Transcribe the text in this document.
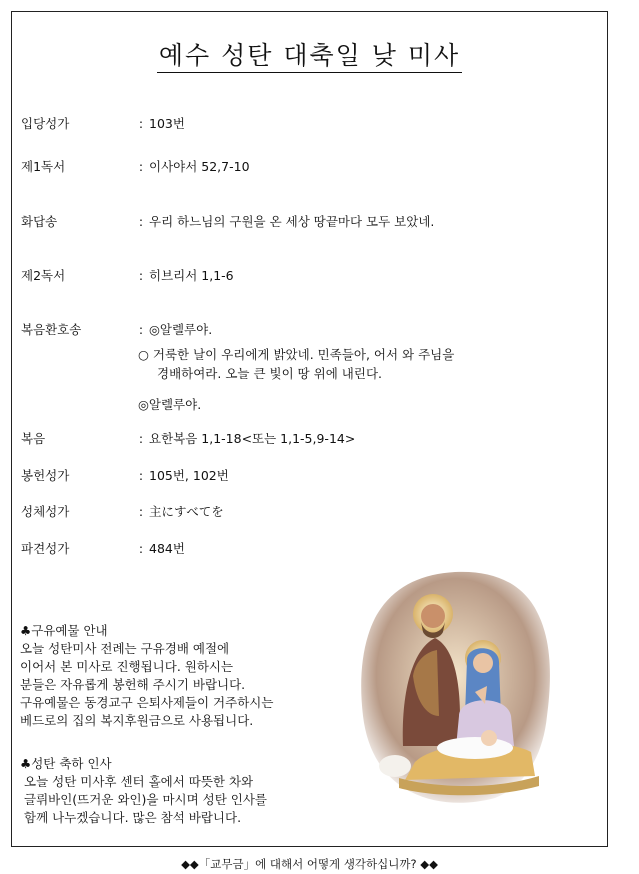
예수 성탄 대축일 낮 미사
입당성가	: 103번
제1독서	: 이사야서 52,7-10
화답송	: 우리 하느님의 구원을 온 세상 땅끝마다 모두 보았네.
제2독서	: 히브리서 1,1-6
복음환호송	: ◎알렐루야.
○ 거룩한 날이 우리에게 밝았네. 민족들아, 어서 와 주님을
경배하여라. 오늘 큰 빛이 땅 위에 내린다.
◎알렐루야.
복음	: 요한복음 1,1-18<또는 1,1-5,9-14>
봉헌성가	: 105번, 102번
성체성가	: 主にすべてを
파견성가	: 484번
♣구유예물 안내
오늘 성탄미사 전례는 구유경배 예절에
이어서 본 미사로 진행됩니다. 원하시는
분들은 자유롭게 봉헌해 주시기 바랍니다.
구유예물은 동경교구 은퇴사제들이 거주하시는
베드로의 집의 복지후원금으로 사용됩니다.
♣성탄 축하 인사
오늘 성탄 미사후 센터 홀에서 따뜻한 차와
글뤼바인(뜨거운 와인)을 마시며 성탄 인사를
함께 나누겠습니다. 많은 참석 바랍니다.
◆◆「교무금」에 대해서 어떻게 생각하십니까? ◆◆
